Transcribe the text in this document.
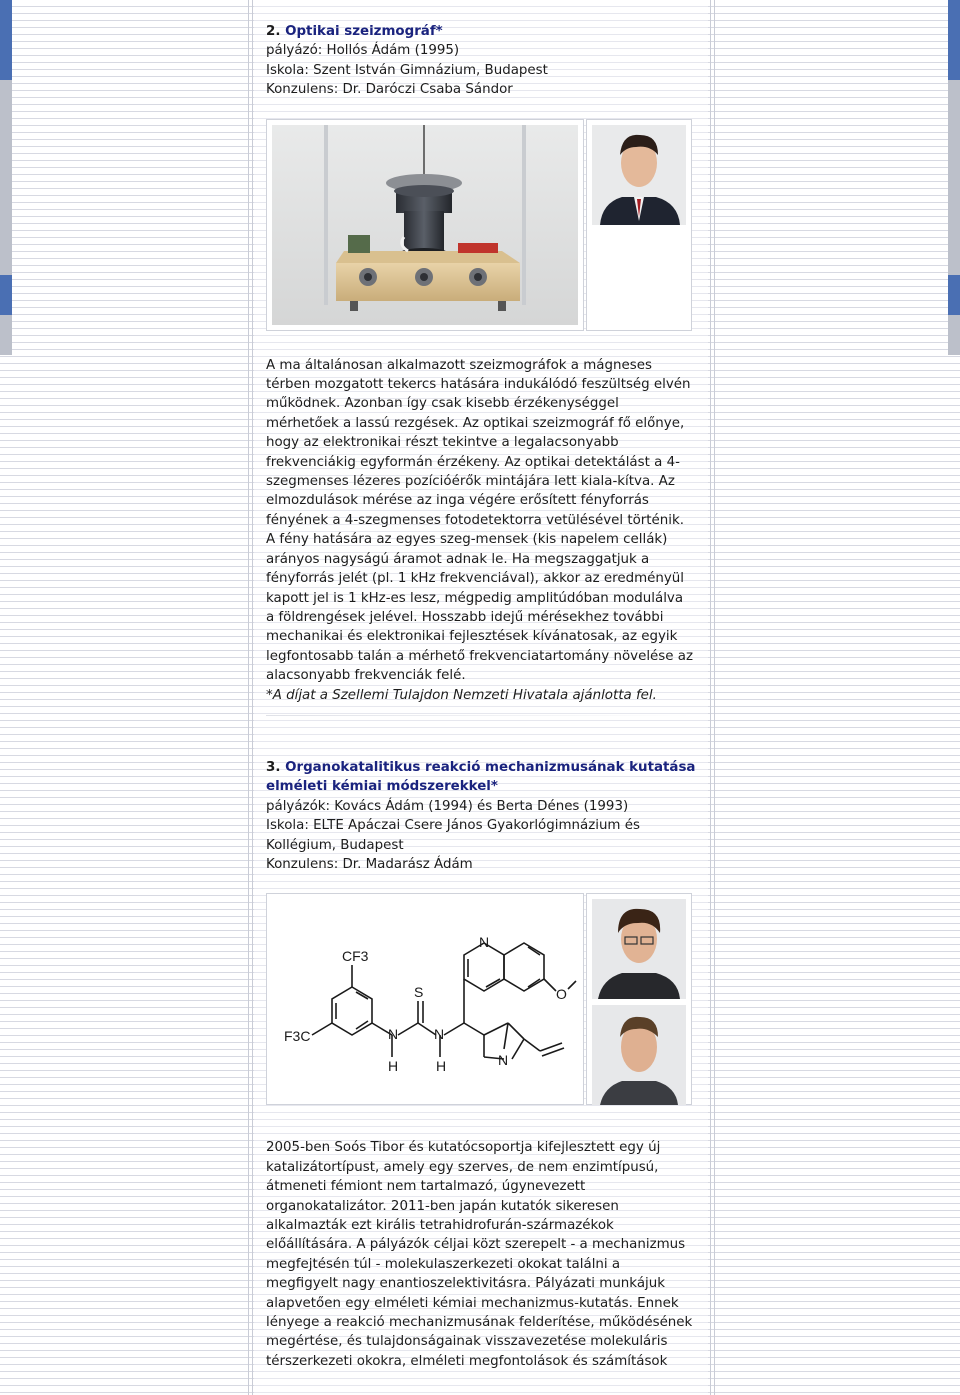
2. Optikai szeizmográf*

pályázó: Hollós Ádám (1995)

Iskola: Szent István Gimnázium, Budapest

Konzulens: Dr. Daróczi Csaba Sándor

A ma általánosan alkalmazott szeizmográfok a mágneses
térben mozgatott tekercs hatására indukálódó feszültség elvén
működnek. Azonban így csak kisebb érzékenységgel
mérhetőek a lassú rezgések. Az optikai szeizmográf fő előnye,
hogy az elektronikai részt tekintve a legalacsonyabb
frekvenciákig egyformán érzékeny. Az optikai detektálást a 4-
szegmenses lézeres pozícióérők mintájára lett kiala-kítva. Az
elmozdulások mérése az inga végére erősített fényforrás
fényének a 4-szegmenses fotodetektorra vetülésével történik.
A fény hatására az egyes szeg-mensek (kis napelem cellák)
arányos nagyságú áramot adnak le. Ha megszaggatjuk a
fényforrás jelét (pl. 1 kHz frekvenciával), akkor az eredményül
kapott jel is 1 kHz-es lesz, mégpedig amplitúdóban modulálva
a földrengések jelével. Hosszabb idejű mérésekhez további
mechanikai és elektronikai fejlesztések kívánatosak, az egyik
legfontosabb talán a mérhető frekvenciatartomány növelése az
alacsonyabb frekvenciák felé.
*A díjat a Szellemi Tulajdon Nemzeti Hivatala ajánlotta fel.

3. Organokatalitikus reakció mechanizmusának kutatása

elméleti kémiai módszerekkel*

pályázók: Kovács Ádám (1994) és Berta Dénes (1993)

Iskola: ELTE Apáczai Csere János Gyakorlógimnázium és

Kollégium, Budapest

Konzulens: Dr. Madarász Ádám

CF3
F3C	N
H
S
N
H
N
O
N

2005-ben Soós Tibor és kutatócsoportja kifejlesztett egy új
katalizátortípust, amely egy szerves, de nem enzimtípusú,
átmeneti fémiont nem tartalmazó, úgynevezett
organokatalizátor. 2011-ben japán kutatók sikeresen
alkalmazták ezt királis tetrahidrofurán-származékok
előállítására. A pályázók céljai közt szerepelt - a mechanizmus
megfejtésén túl - molekulaszerkezeti okokat találni a
megfigyelt nagy enantioszelektivitásra. Pályázati munkájuk
alapvetően egy elméleti kémiai mechanizmus-kutatás. Ennek
lényege a reakció mechanizmusának felderítése, működésének
megértése, és tulajdonságainak visszavezetése molekuláris
térszerkezeti okokra, elméleti megfontolások és számítások
